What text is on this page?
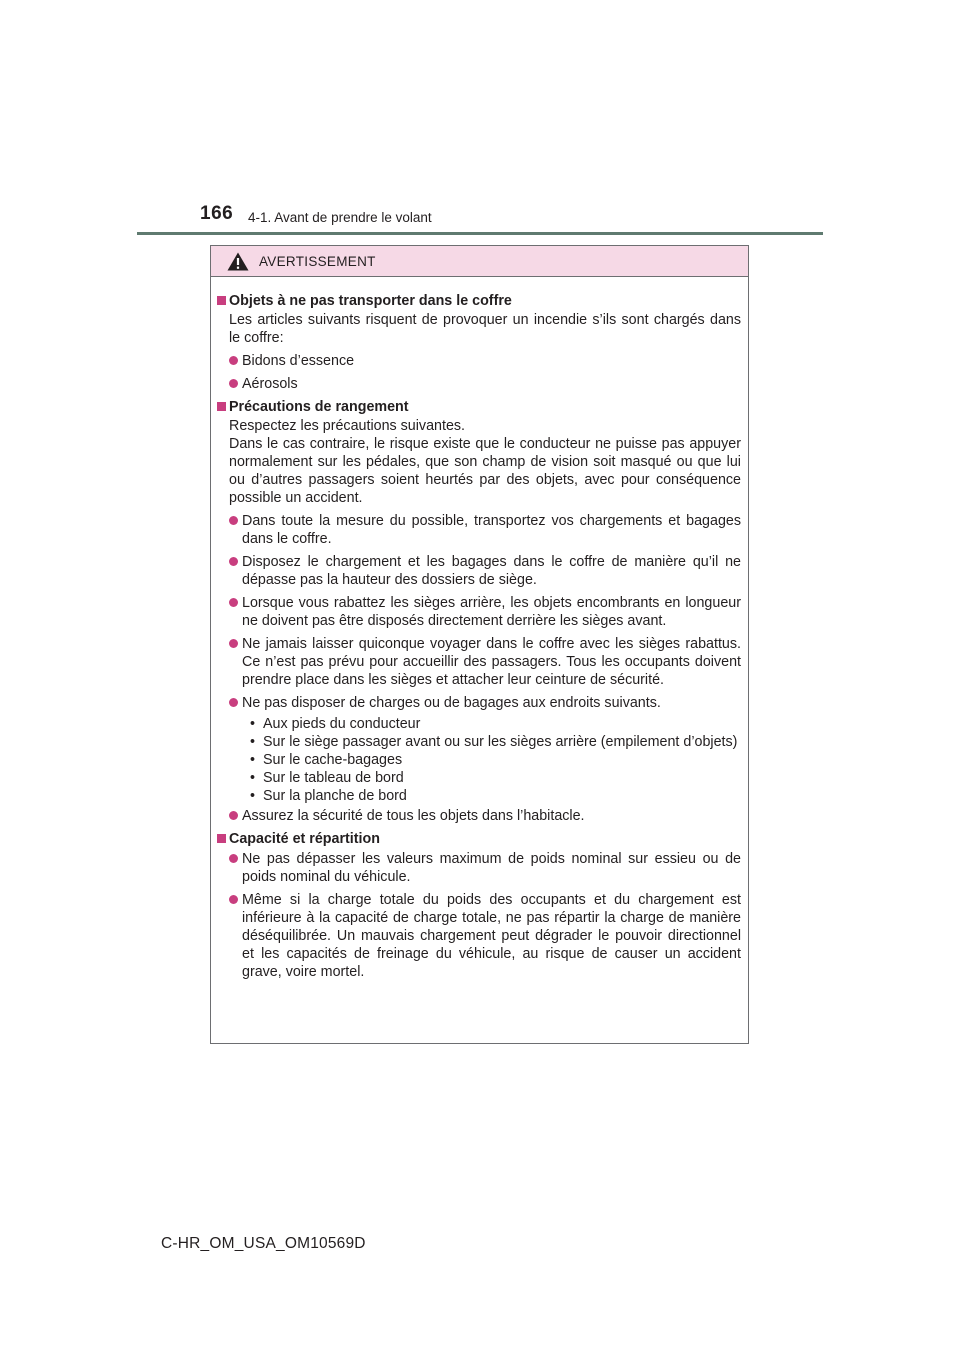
166 4-1. Avant de prendre le volant
AVERTISSEMENT
Objets à ne pas transporter dans le coffre
Les articles suivants risquent de provoquer un incendie s’ils sont chargés dans le coffre:
Bidons d’essence
Aérosols
Précautions de rangement
Respectez les précautions suivantes.
Dans le cas contraire, le risque existe que le conducteur ne puisse pas appuyer normalement sur les pédales, que son champ de vision soit masqué ou que lui ou d’autres passagers soient heurtés par des objets, avec pour conséquence possible un accident.
Dans toute la mesure du possible, transportez vos chargements et bagages dans le coffre.
Disposez le chargement et les bagages dans le coffre de manière qu’il ne dépasse pas la hauteur des dossiers de siège.
Lorsque vous rabattez les sièges arrière, les objets encombrants en longueur ne doivent pas être disposés directement derrière les sièges avant.
Ne jamais laisser quiconque voyager dans le coffre avec les sièges rabattus. Ce n’est pas prévu pour accueillir des passagers. Tous les occupants doivent prendre place dans les sièges et attacher leur ceinture de sécurité.
Ne pas disposer de charges ou de bagages aux endroits suivants.
• Aux pieds du conducteur
• Sur le siège passager avant ou sur les sièges arrière (empilement d’objets)
• Sur le cache-bagages
• Sur le tableau de bord
• Sur la planche de bord
Assurez la sécurité de tous les objets dans l’habitacle.
Capacité et répartition
Ne pas dépasser les valeurs maximum de poids nominal sur essieu ou de poids nominal du véhicule.
Même si la charge totale du poids des occupants et du chargement est inférieure à la capacité de charge totale, ne pas répartir la charge de manière déséquilibrée. Un mauvais chargement peut dégrader le pouvoir directionnel et les capacités de freinage du véhicule, au risque de causer un accident grave, voire mortel.
C-HR_OM_USA_OM10569D
